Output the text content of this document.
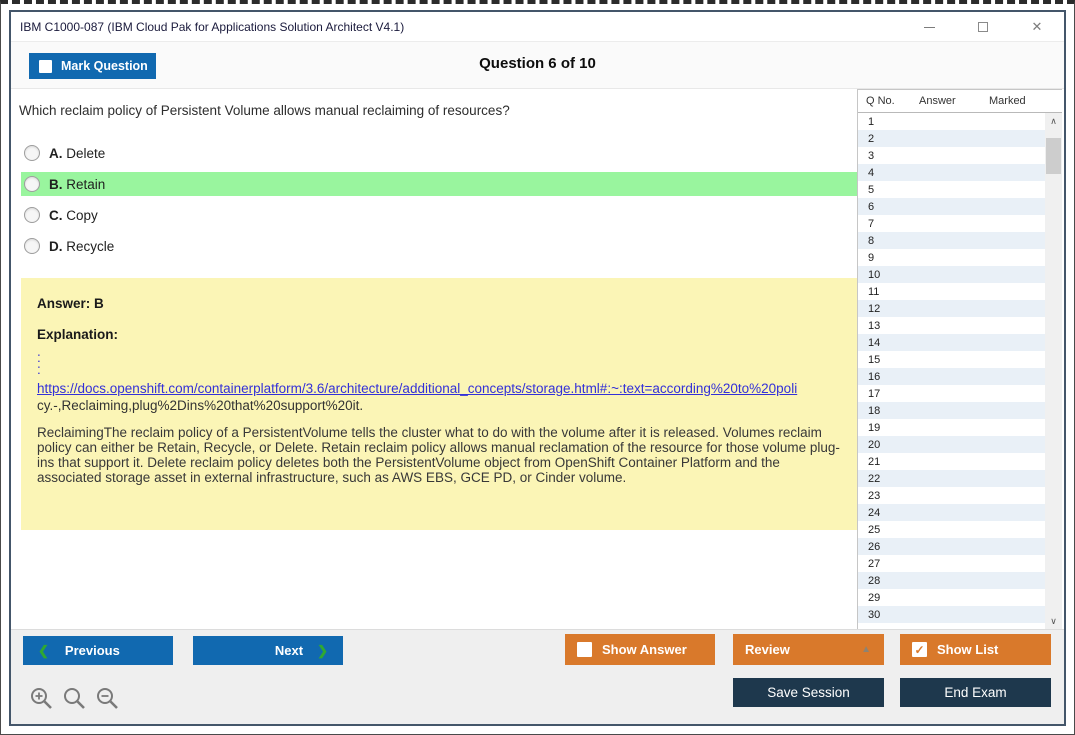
IBM C1000-087 (IBM Cloud Pak for Applications Solution Architect V4.1)	✕
Mark Question	Question 6 of 10
Which reclaim policy of Persistent Volume allows manual reclaiming of resources?
A. Delete
B. Retain
C. Copy
D. Recycle
Answer: B
Explanation:
:
:
https://docs.openshift.com/containerplatform/3.6/architecture/additional_concepts/storage.html#:~:text=according%20to%20poli
cy.-,Reclaiming,plug%2Dins%20that%20support%20it.
ReclaimingThe reclaim policy of a PersistentVolume tells the cluster what to do with the volume after it is released. Volumes reclaim policy can either be Retain, Recycle, or Delete. Retain reclaim policy allows manual reclamation of the resource for those volume plug-ins that support it. Delete reclaim policy deletes both the PersistentVolume object from OpenShift Container Platform and the associated storage asset in external infrastructure, such as AWS EBS, GCE PD, or Cinder volume.
Q No.	Answer	Marked
1
2
3
4
5
6
7
8
9
10
11
12
13
14
15
16
17
18
19
20
21
22
23
24
25
26
27
28
29
30
∧
∨
❮ Previous	Next ❯	Show Answer	Review	▲	✓ Show List
Save Session	End Exam
